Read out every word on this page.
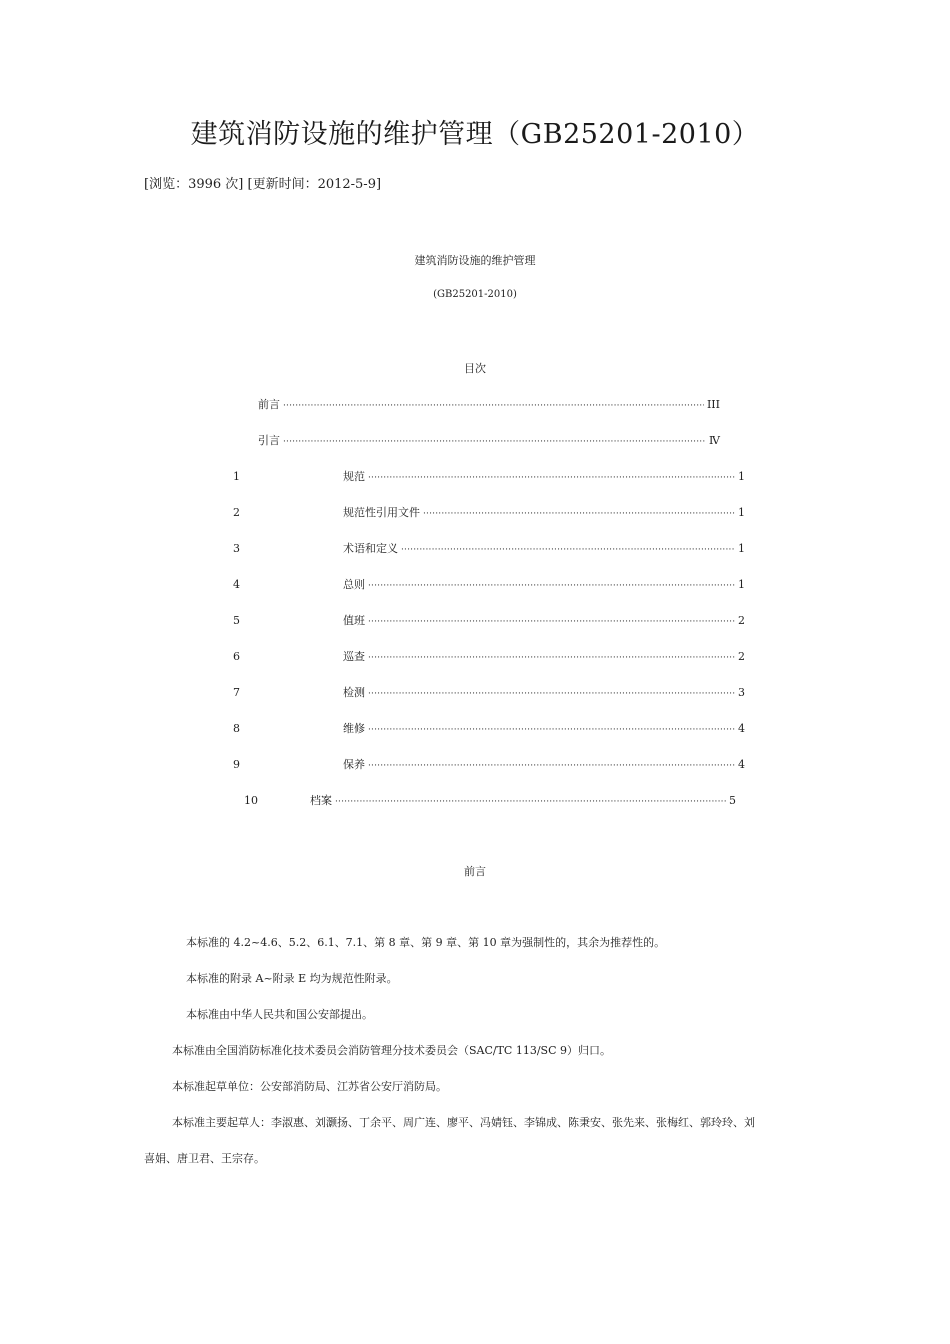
建筑消防设施的维护管理（GB25201-2010）
[浏览：3996 次] [更新时间：2012-5-9]
建筑消防设施的维护管理
(GB25201-2010)
目次
前言 ·····	III
引言 ·····	Ⅳ
1	规范 ·····	1
2	规范性引用文件 ·····	1
3	术语和定义 ·····	1
4	总则 ·····	1
5	值班 ·····	2
6	巡查 ·····	2
7	检测 ·····	3
8	维修 ·····	4
9	保养 ·····	4
10	档案 ·····	5
前言
本标准的 4.2~4.6、5.2、6.1、7.1、第 8 章、第 9 章、第 10 章为强制性的，其余为推荐性的。
本标准的附录 A~附录 E 均为规范性附录。
本标准由中华人民共和国公安部提出。
本标准由全国消防标准化技术委员会消防管理分技术委员会（SAC/TC 113/SC 9）归口。
本标准起草单位：公安部消防局、江苏省公安厅消防局。
本标准主要起草人：李淑惠、刘灏扬、丁余平、周广连、廖平、冯婧钰、李锦成、陈秉安、张先来、张梅红、郭玲玲、刘
喜娟、唐卫君、王宗存。
